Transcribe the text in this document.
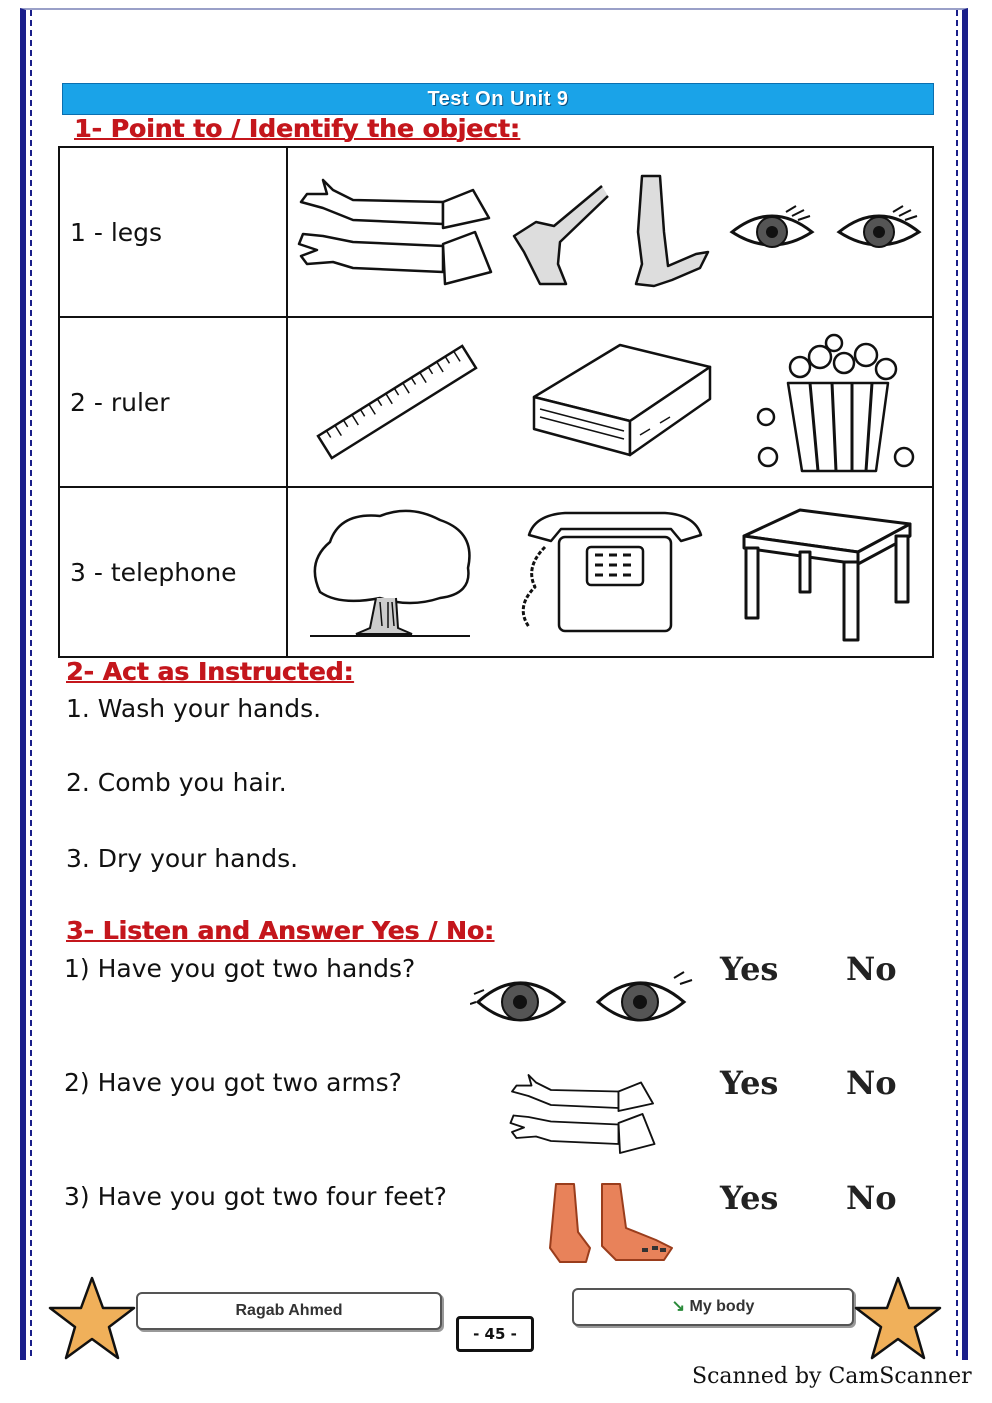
Test On Unit 9
1- Point to / Identify the object:
1 - legs	

2 - ruler	

3 - telephone	
2- Act as Instructed:
1. Wash your hands.
2. Comb you hair.
3. Dry your hands.
3- Listen and Answer Yes / No:
1) Have you got two hands?	Yes No
2) Have you got two arms?	Yes No
3) Have you got two four feet?	Yes No
Ragab Ahmed
- 45 -
↘ My body
Scanned by CamScanner
